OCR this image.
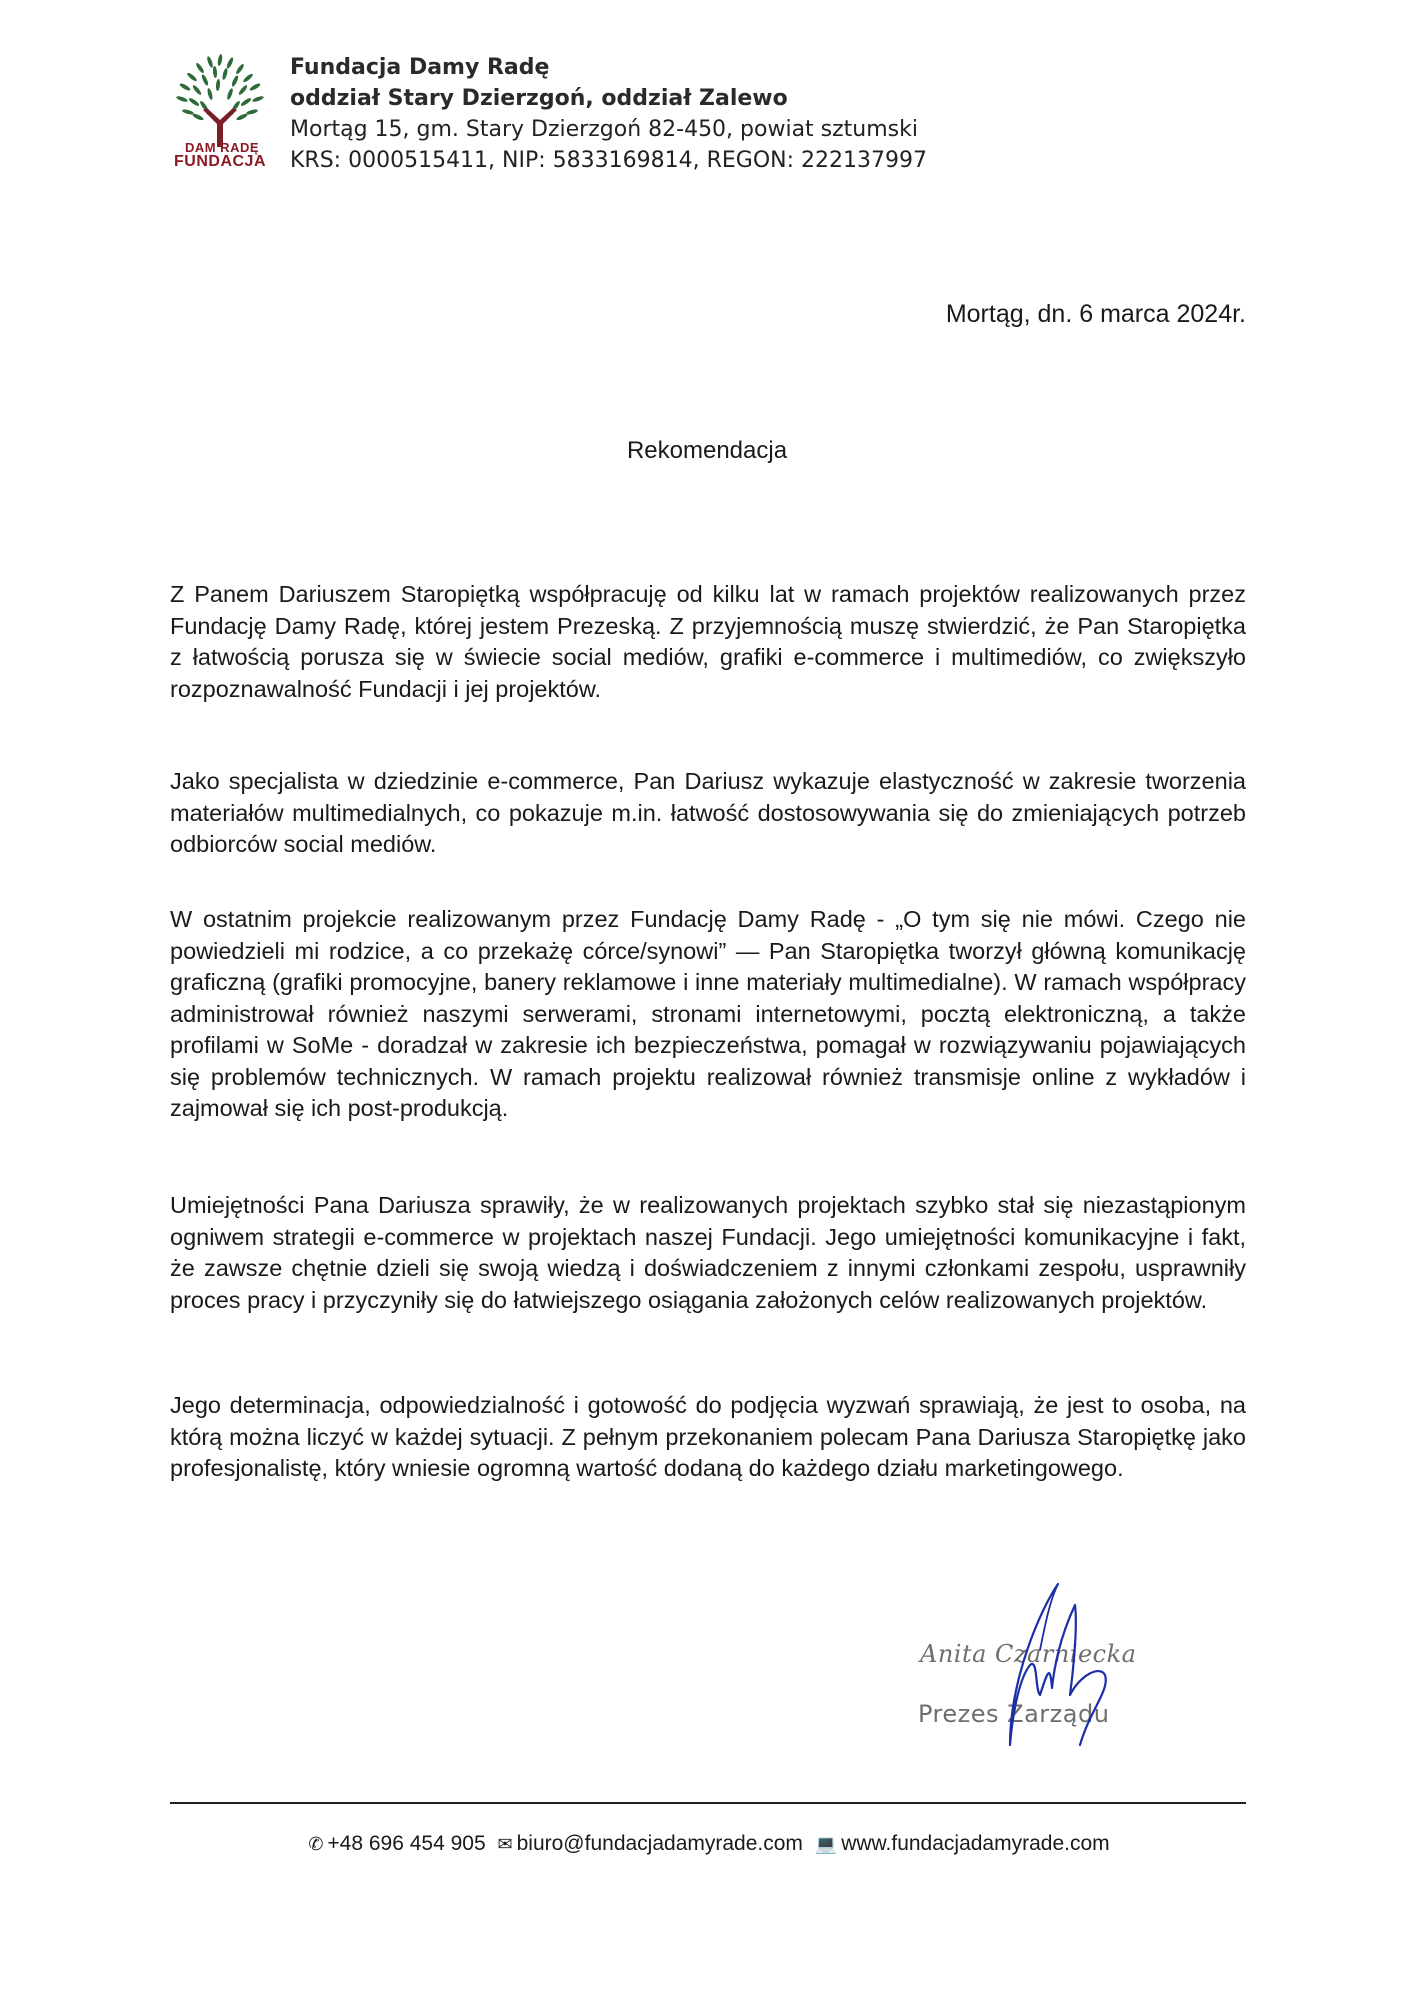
DAM RADĘ
FUNDACJA
Fundacja Damy Radę
oddział Stary Dzierzgoń, oddział Zalewo
Mortąg 15, gm. Stary Dzierzgoń 82-450, powiat sztumski
KRS: 0000515411, NIP: 5833169814, REGON: 222137997
Mortąg, dn. 6 marca 2024r.
Rekomendacja
Z Panem Dariuszem Staropiętką współpracuję od kilku lat w ramach projektów realizowanych przez Fundację Damy Radę, której jestem Prezeską. Z przyjemnością muszę stwierdzić, że Pan Staropiętka z łatwością porusza się w świecie social mediów, grafiki e-commerce i multimediów, co zwiększyło rozpoznawalność Fundacji i jej projektów.
Jako specjalista w dziedzinie e-commerce, Pan Dariusz wykazuje elastyczność w zakresie tworzenia materiałów multimedialnych, co pokazuje m.in. łatwość dostosowywania się do zmieniających potrzeb odbiorców social mediów.
W ostatnim projekcie realizowanym przez Fundację Damy Radę - „O tym się nie mówi. Czego nie powiedzieli mi rodzice, a co przekażę córce/synowi” — Pan Staropiętka tworzył główną komunikację graficzną (grafiki promocyjne, banery reklamowe i inne materiały multimedialne). W ramach współpracy administrował również naszymi serwerami, stronami internetowymi, pocztą elektroniczną, a także profilami w SoMe - doradzał w zakresie ich bezpieczeństwa, pomagał w rozwiązywaniu pojawiających się problemów technicznych. W ramach projektu realizował również transmisje online z wykładów i zajmował się ich post-produkcją.
Umiejętności Pana Dariusza sprawiły, że w realizowanych projektach szybko stał się niezastąpionym ogniwem strategii e-commerce w projektach naszej Fundacji. Jego umiejętności komunikacyjne i fakt, że zawsze chętnie dzieli się swoją wiedzą i doświadczeniem z innymi członkami zespołu, usprawniły proces pracy i przyczyniły się do łatwiejszego osiągania założonych celów realizowanych projektów.
Jego determinacja, odpowiedzialność i gotowość do podjęcia wyzwań sprawiają, że jest to osoba, na którą można liczyć w każdej sytuacji. Z pełnym przekonaniem polecam Pana Dariusza Staropiętkę jako profesjonalistę, który wniesie ogromną wartość dodaną do każdego działu marketingowego.
Anita Czarniecka
Prezes Zarządu
✆ +48 696 454 905 ✉ biuro@fundacjadamyrade.com 💻 www.fundacjadamyrade.com
